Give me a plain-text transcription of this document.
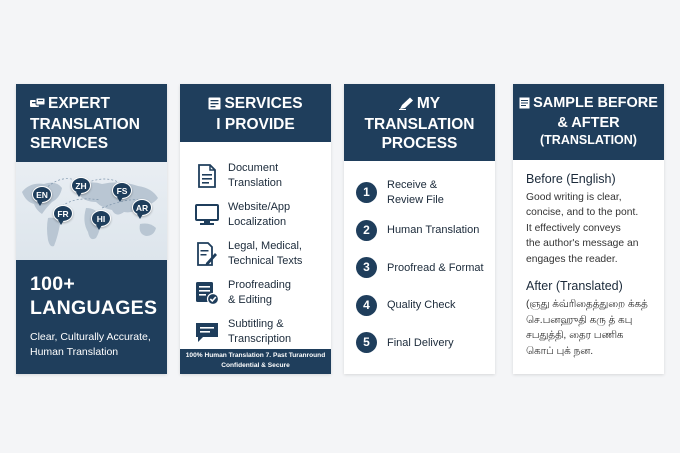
EXPERT
TRANSLATION
SERVICES
EN
ZH	FS
FR
AR
HI
100+
LANGUAGES
Clear, Culturally Accurate,
Human Translation
SERVICES
I PROVIDE
Document
Translation
Website/App
Localization
Legal, Medical,
Technical Texts
Proofreading
& Editing
Subtitling &
Transcription
100% Human Translation 7. Past Turanround
Confidential & Secure
MY
TRANSLATION
PROCESS
1	Receive &
Review File
2	Human Translation
3	Proofread & Format
4	Quality Check
5	Final Delivery
SAMPLE BEFORE
& AFTER
(TRANSLATION)
Before (English)
Good writing is clear,
concise, and to the pont.
It effectively conveys
the author's message an
engages the reader.
After (Translated)
(ஞது க்வ்ரிதைத்துறை க்கத்
செ.பனஹுதி கரு த் கபு
சபதுத்தி, தைர பணிக
கொப் புக் நன.
